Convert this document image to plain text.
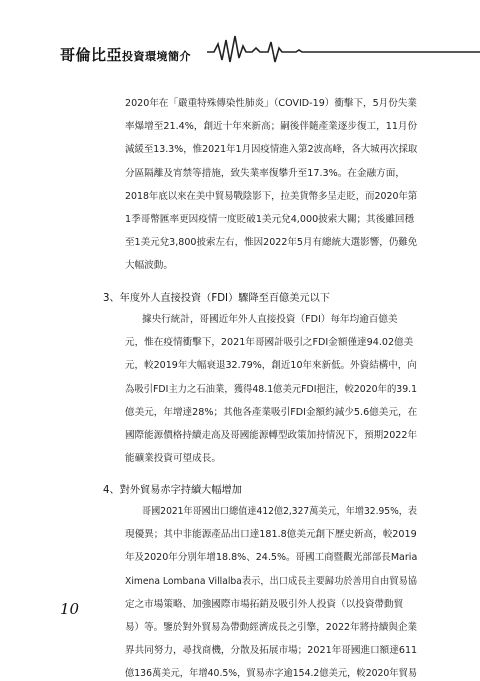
哥倫比亞投資環境簡介
2020年在「嚴重特殊傳染性肺炎」（COVID-19）衝擊下，5月份失業
率爆增至21.4%，創近十年來新高；嗣後伴隨產業逐步復工，11月份
減緩至13.3%，惟2021年1月因疫情進入第2波高峰，各大城再次採取
分區隔離及宵禁等措施，致失業率復攀升至17.3%。在金融方面，
2018年底以來在美中貿易戰陰影下，拉美貨幣多呈走貶，而2020年第
1季哥幣匯率更因疫情一度貶破1美元兌4,000披索大關；其後雖回穩
至1美元兌3,800披索左右，惟因2022年5月有總統大選影響，仍難免
大幅波動。
3、年度外人直接投資（FDI）驟降至百億美元以下
據央行統計，哥國近年外人直接投資（FDI）每年均逾百億美
元，惟在疫情衝擊下，2021年哥國計吸引之FDI金額僅達94.02億美
元，較2019年大幅衰退32.79%，創近10年來新低。外資結構中，向
為吸引FDI主力之石油業，獲得48.1億美元FDI挹注，較2020年的39.1
億美元，年增達28%；其他各產業吸引FDI金額約減少5.6億美元，在
國際能源價格持續走高及哥國能源轉型政策加持情況下，預期2022年
能礦業投資可望成長。
4、對外貿易赤字持續大幅增加
哥國2021年哥國出口總值達412億2,327萬美元，年增32.95%，表
現優異；其中非能源產品出口達181.8億美元創下歷史新高，較2019
年及2020年分別年增18.8%、24.5%。哥國工商暨觀光部部長Maria
Ximena Lombana Villalba表示，出口成長主要歸功於善用自由貿易協
定之市場策略、加強國際市場拓銷及吸引外人投資（以投資帶動貿
易）等。鑒於對外貿易為帶動經濟成長之引擎，2022年將持續與企業
界共同努力，尋找商機，分散及拓展市場；2021年哥國進口額達611
億136萬美元，年增40.5%，貿易赤字逾154.2億美元，較2020年貿易
10
